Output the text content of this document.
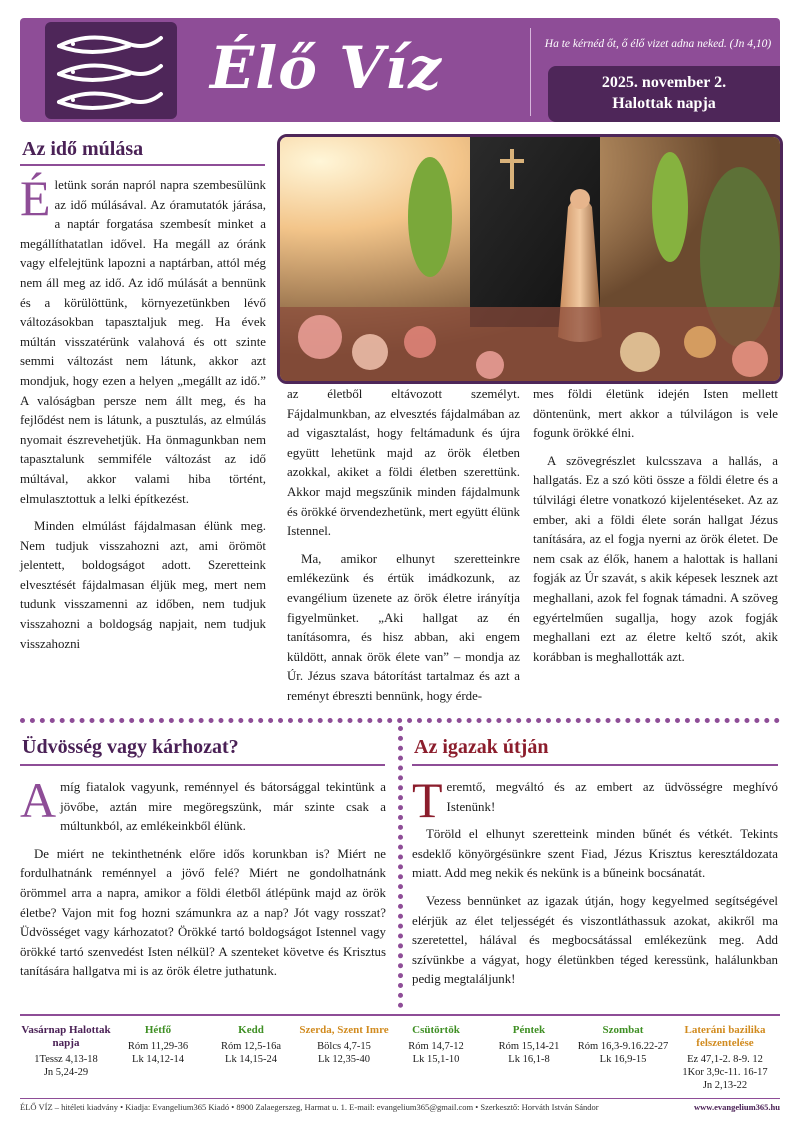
Élő Víz	Ha te kérnéd őt, ő élő vizet adna neked. (Jn 4,10)
2025. november 2.
Halottak napja
Az idő múlása

Életünk során napról napra szembesülünk az idő múlásával. Az óramutatók járása, a naptár forgatása szembesít minket a megállíthatatlan idővel. Ha megáll az óránk vagy elfelejtünk lapozni a naptárban, attól még nem áll meg az idő. Az idő múlását a bennünk és a körülöttünk, környezetünkben lévő változásokban tapasztaljuk meg. Ha évek múltán visszatérünk valahová és ott szinte semmi változást nem látunk, akkor azt mondjuk, hogy ezen a helyen „megállt az idő.” A valóságban persze nem állt meg, és ha fejlődést nem is látunk, a pusztulás, az elmúlás nyomait észrevehetjük. Ha önmagunkban nem tapasztalunk semmiféle változást az idő múltával, akkor valami hiba történt, elmulasztottuk a lelki építkezést.

Minden elmúlást fájdalmasan élünk meg. Nem tudjuk visszahozni azt, ami örömöt jelentett, boldogságot adott. Szeretteink elvesztését fájdalmasan éljük meg, mert nem tudunk visszamenni az időben, nem tudjuk visszahozni a boldogság napjait, nem tudjuk visszahozni

az életből eltávozott személyt. Fájdalmunkban, az elvesztés fájdalmában az ad vigasztalást, hogy feltámadunk és újra együtt lehetünk majd az örök életben azokkal, akiket a földi életben szerettünk. Akkor majd megszűnik minden fájdalmunk és örökké örvendezhetünk, mert együtt élünk Istennel.

Ma, amikor elhunyt szeretteinkre emlékezünk és értük imádkozunk, az evangélium üzenete az örök életre irányítja figyelmünket. „Aki hallgat az én tanításomra, és hisz abban, aki engem küldött, annak örök élete van” – mondja az Úr. Jézus szava bátorítást tartalmaz és azt a reményt ébreszti bennünk, hogy érde-

mes földi életünk idején Isten mellett döntenünk, mert akkor a túlvilágon is vele fogunk örökké élni.

A szövegrészlet kulcsszava a hallás, a hallgatás. Ez a szó köti össze a földi életre és a túlvilági életre vonatkozó kijelentéseket. Az az ember, aki a földi élete során hallgat Jézus tanítására, az el fogja nyerni az örök életet. De nem csak az élők, hanem a halottak is hallani fogják az Úr szavát, s akik képesek lesznek azt meghallani, azok fel fognak támadni. A szöveg egyértelműen sugallja, hogy azok fogják meghallani ezt az életre keltő szót, akik korábban is meghallották azt.

Üdvösség vagy kárhozat?

Amíg fiatalok vagyunk, reménnyel és bátorsággal tekintünk a jövőbe, aztán mire megöregszünk, már szinte csak a múltunkból, az emlékeinkből élünk.

De miért ne tekinthetnénk előre idős korunkban is? Miért ne fordulhatnánk reménnyel a jövő felé? Miért ne gondolhatnánk örömmel arra a napra, amikor a földi életből átlépünk majd az örök életbe? Vajon mit fog hozni számunkra az a nap? Jót vagy rosszat? Üdvösséget vagy kárhozatot? Örökké tartó boldogságot Istennel vagy örökké tartó szenvedést Isten nélkül? A szenteket követve és Krisztus tanítására hallgatva mi is az örök életre juthatunk.

Az igazak útján

Teremtő, megváltó és az embert az üdvösségre meghívó Istenünk!

Töröld el elhunyt szeretteink minden bűnét és vétkét. Tekints esdeklő könyörgésünkre szent Fiad, Jézus Krisztus keresztáldozata miatt. Add meg nekik és nekünk is a bűneink bocsánatát.

Vezess bennünket az igazak útján, hogy kegyelmed segítségével elérjük az élet teljességét és viszontláthassuk azokat, akikről ma szeretettel, hálával és megbocsátással emlékezünk meg. Add szívünkbe a vágyat, hogy életünkben téged keressünk, halálunkban pedig megtaláljunk!

Vasárnap Halottak napja
1Tessz 4,13-18
Jn 5,24-29
Hétfő
Róm 11,29-36
Lk 14,12-14
Kedd
Róm 12,5-16a
Lk 14,15-24
Szerda, Szent Imre
Bölcs 4,7-15
Lk 12,35-40
Csütörtök
Róm 14,7-12
Lk 15,1-10
Péntek
Róm 15,14-21
Lk 16,1-8
Szombat
Róm 16,3-9.16.22-27
Lk 16,9-15
Lateráni bazilika felszentelése
Ez 47,1-2. 8-9. 12
1Kor 3,9c-11. 16-17
Jn 2,13-22
ÉLŐ VÍZ – hitéleti kiadvány • Kiadja: Evangelium365 Kiadó • 8900 Zalaegerszeg, Harmat u. 1. E-mail: evangelium365@gmail.com • Szerkesztő: Horváth István Sándor	www.evangelium365.hu
